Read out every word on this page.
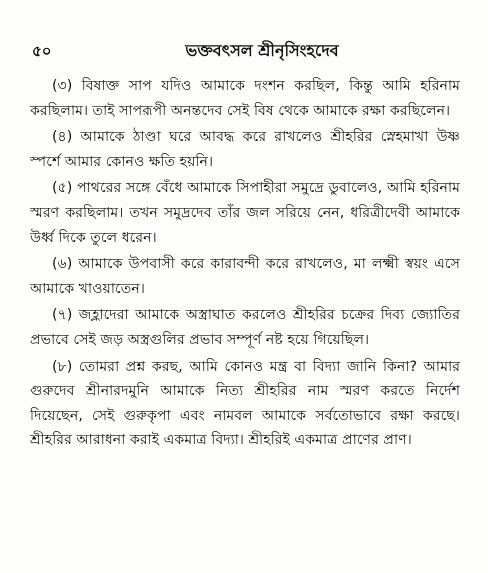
৫০	ভক্তবৎসল শ্রীনৃসিংহদেব

(৩) বিষাক্ত সাপ যদিও আমাকে দংশন করছিল, কিন্তু আমি হরিনাম করছিলাম। তাই সাপরূপী অনন্তদেব সেই বিষ থেকে আমাকে রক্ষা করছিলেন।

(৪) আমাকে ঠাণ্ডা ঘরে আবদ্ধ করে রাখলেও শ্রীহরির স্নেহমাখা উষ্ণ স্পর্শে আমার কোনও ক্ষতি হয়নি।

(৫) পাথরের সঙ্গে বেঁধে আমাকে সিপাহীরা সমুদ্রে ডুবালেও, আমি হরিনাম স্মরণ করছিলাম। তখন সমুদ্রদেব তাঁর জল সরিয়ে নেন, ধরিত্রীদেবী আমাকে উর্ধ্ব দিকে তুলে ধরেন।

(৬) আমাকে উপবাসী করে কারাবন্দী করে রাখলেও, মা লক্ষ্মী স্বয়ং এসে আমাকে খাওয়াতেন।

(৭) জহ্লাদেরা আমাকে অস্ত্রাঘাত করলেও শ্রীহরির চক্রের দিব্য জ্যোতির প্রভাবে সেই জড় অস্ত্রগুলির প্রভাব সম্পূর্ণ নষ্ট হয়ে গিয়েছিল।

(৮) তোমরা প্রশ্ন করছ, আমি কোনও মন্ত্র বা বিদ্যা জানি কিনা? আমার গুরুদেব শ্রীনারদমুনি আমাকে নিত্য শ্রীহরির নাম স্মরণ করতে নির্দেশ দিয়েছেন, সেই গুরুকৃপা এবং নামবল আমাকে সর্বতোভাবে রক্ষা করছে। শ্রীহরির আরাধনা করাই একমাত্র বিদ্যা। শ্রীহরিই একমাত্র প্রাণের প্রাণ।
